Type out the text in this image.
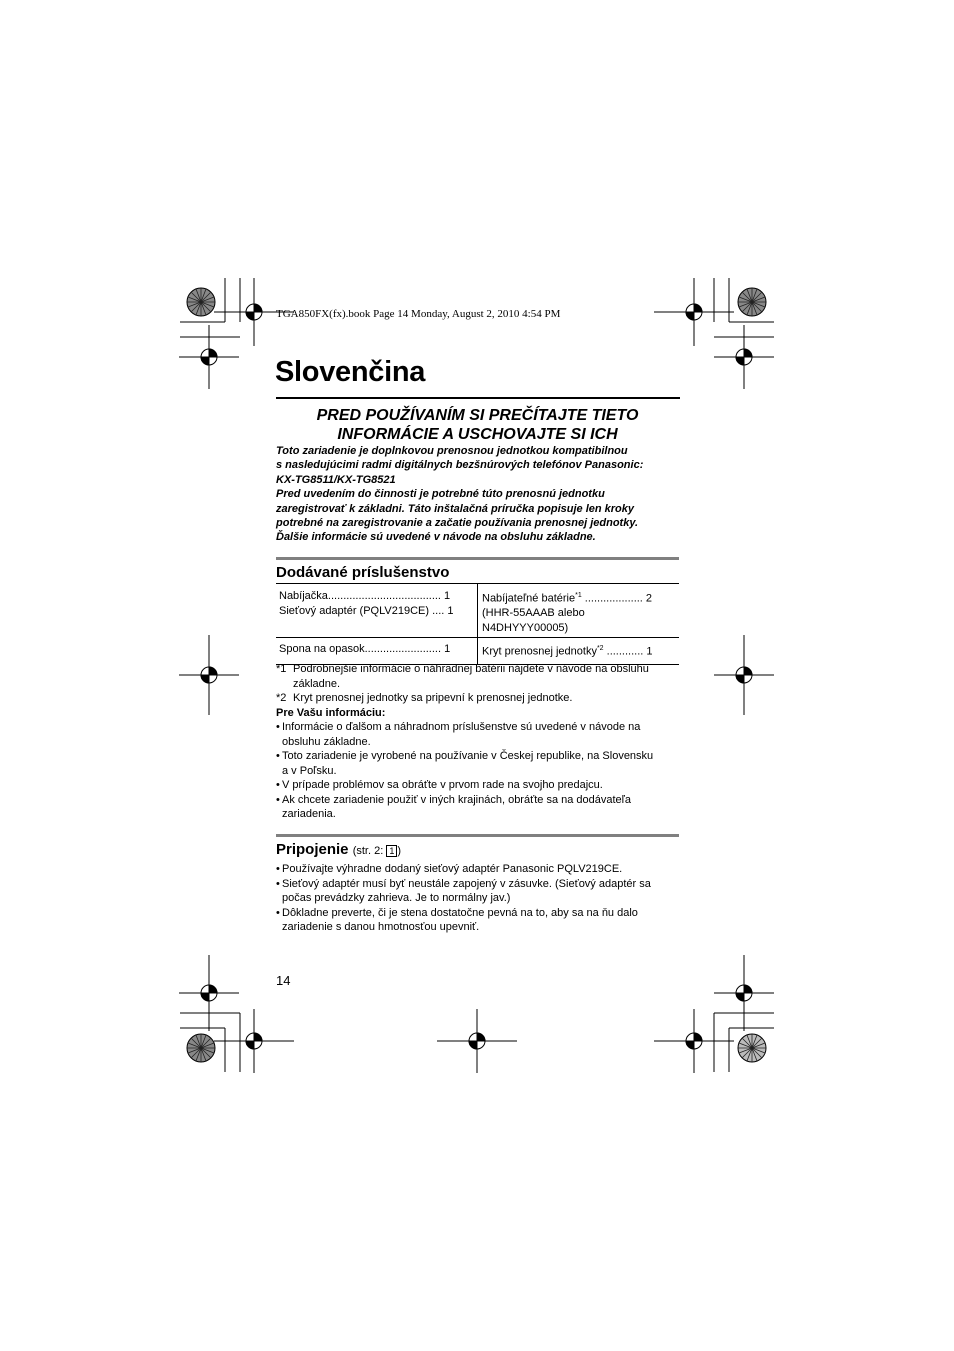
TGA850FX(fx).book Page 14 Monday, August 2, 2010 4:54 PM
Slovenčina
PRED POUŽÍVANÍM SI PREČÍTAJTE TIETO
INFORMÁCIE A USCHOVAJTE SI ICH
Toto zariadenie je doplnkovou prenosnou jednotkou kompatibilnou
s nasledujúcimi radmi digitálnych bezšnúrových telefónov Panasonic:
KX-TG8511/KX-TG8521
Pred uvedením do činnosti je potrebné túto prenosnú jednotku
zaregistrovať k základni. Táto inštalačná príručka popisuje len kroky
potrebné na zaregistrovanie a začatie používania prenosnej jednotky.
Ďalšie informácie sú uvedené v návode na obsluhu základne.
Dodávané príslušenstvo
Nabíjačka..................................... 1
Sieťový adaptér (PQLV219CE) .... 1
Nabíjateľné batérie$^{*1}$ ................... 2
(HHR-55AAAB alebo
N4DHYYY00005)
Spona na opasok......................... 1	Kryt prenosnej jednotky$^{*2}$ ............ 1
*1 Podrobnejšie informácie o náhradnej batérii nájdete v návode na obsluhu
základne.
*2 Kryt prenosnej jednotky sa pripevní k prenosnej jednotke.
Pre Vašu informáciu:
• Informácie o ďalšom a náhradnom príslušenstve sú uvedené v návode na
obsluhu základne.
• Toto zariadenie je vyrobené na používanie v Českej republike, na Slovensku
a v Poľsku.
• V prípade problémov sa obráťte v prvom rade na svojho predajcu.
• Ak chcete zariadenie použiť v iných krajinách, obráťte sa na dodávateľa
zariadenia.
Pripojenie (str. 2: 1 )
• Používajte výhradne dodaný sieťový adaptér Panasonic PQLV219CE.
• Sieťový adaptér musí byť neustále zapojený v zásuvke. (Sieťový adaptér sa
počas prevádzky zahrieva. Je to normálny jav.)
• Dôkladne preverte, či je stena dostatočne pevná na to, aby sa na ňu dalo
zariadenie s danou hmotnosťou upevniť.
14
